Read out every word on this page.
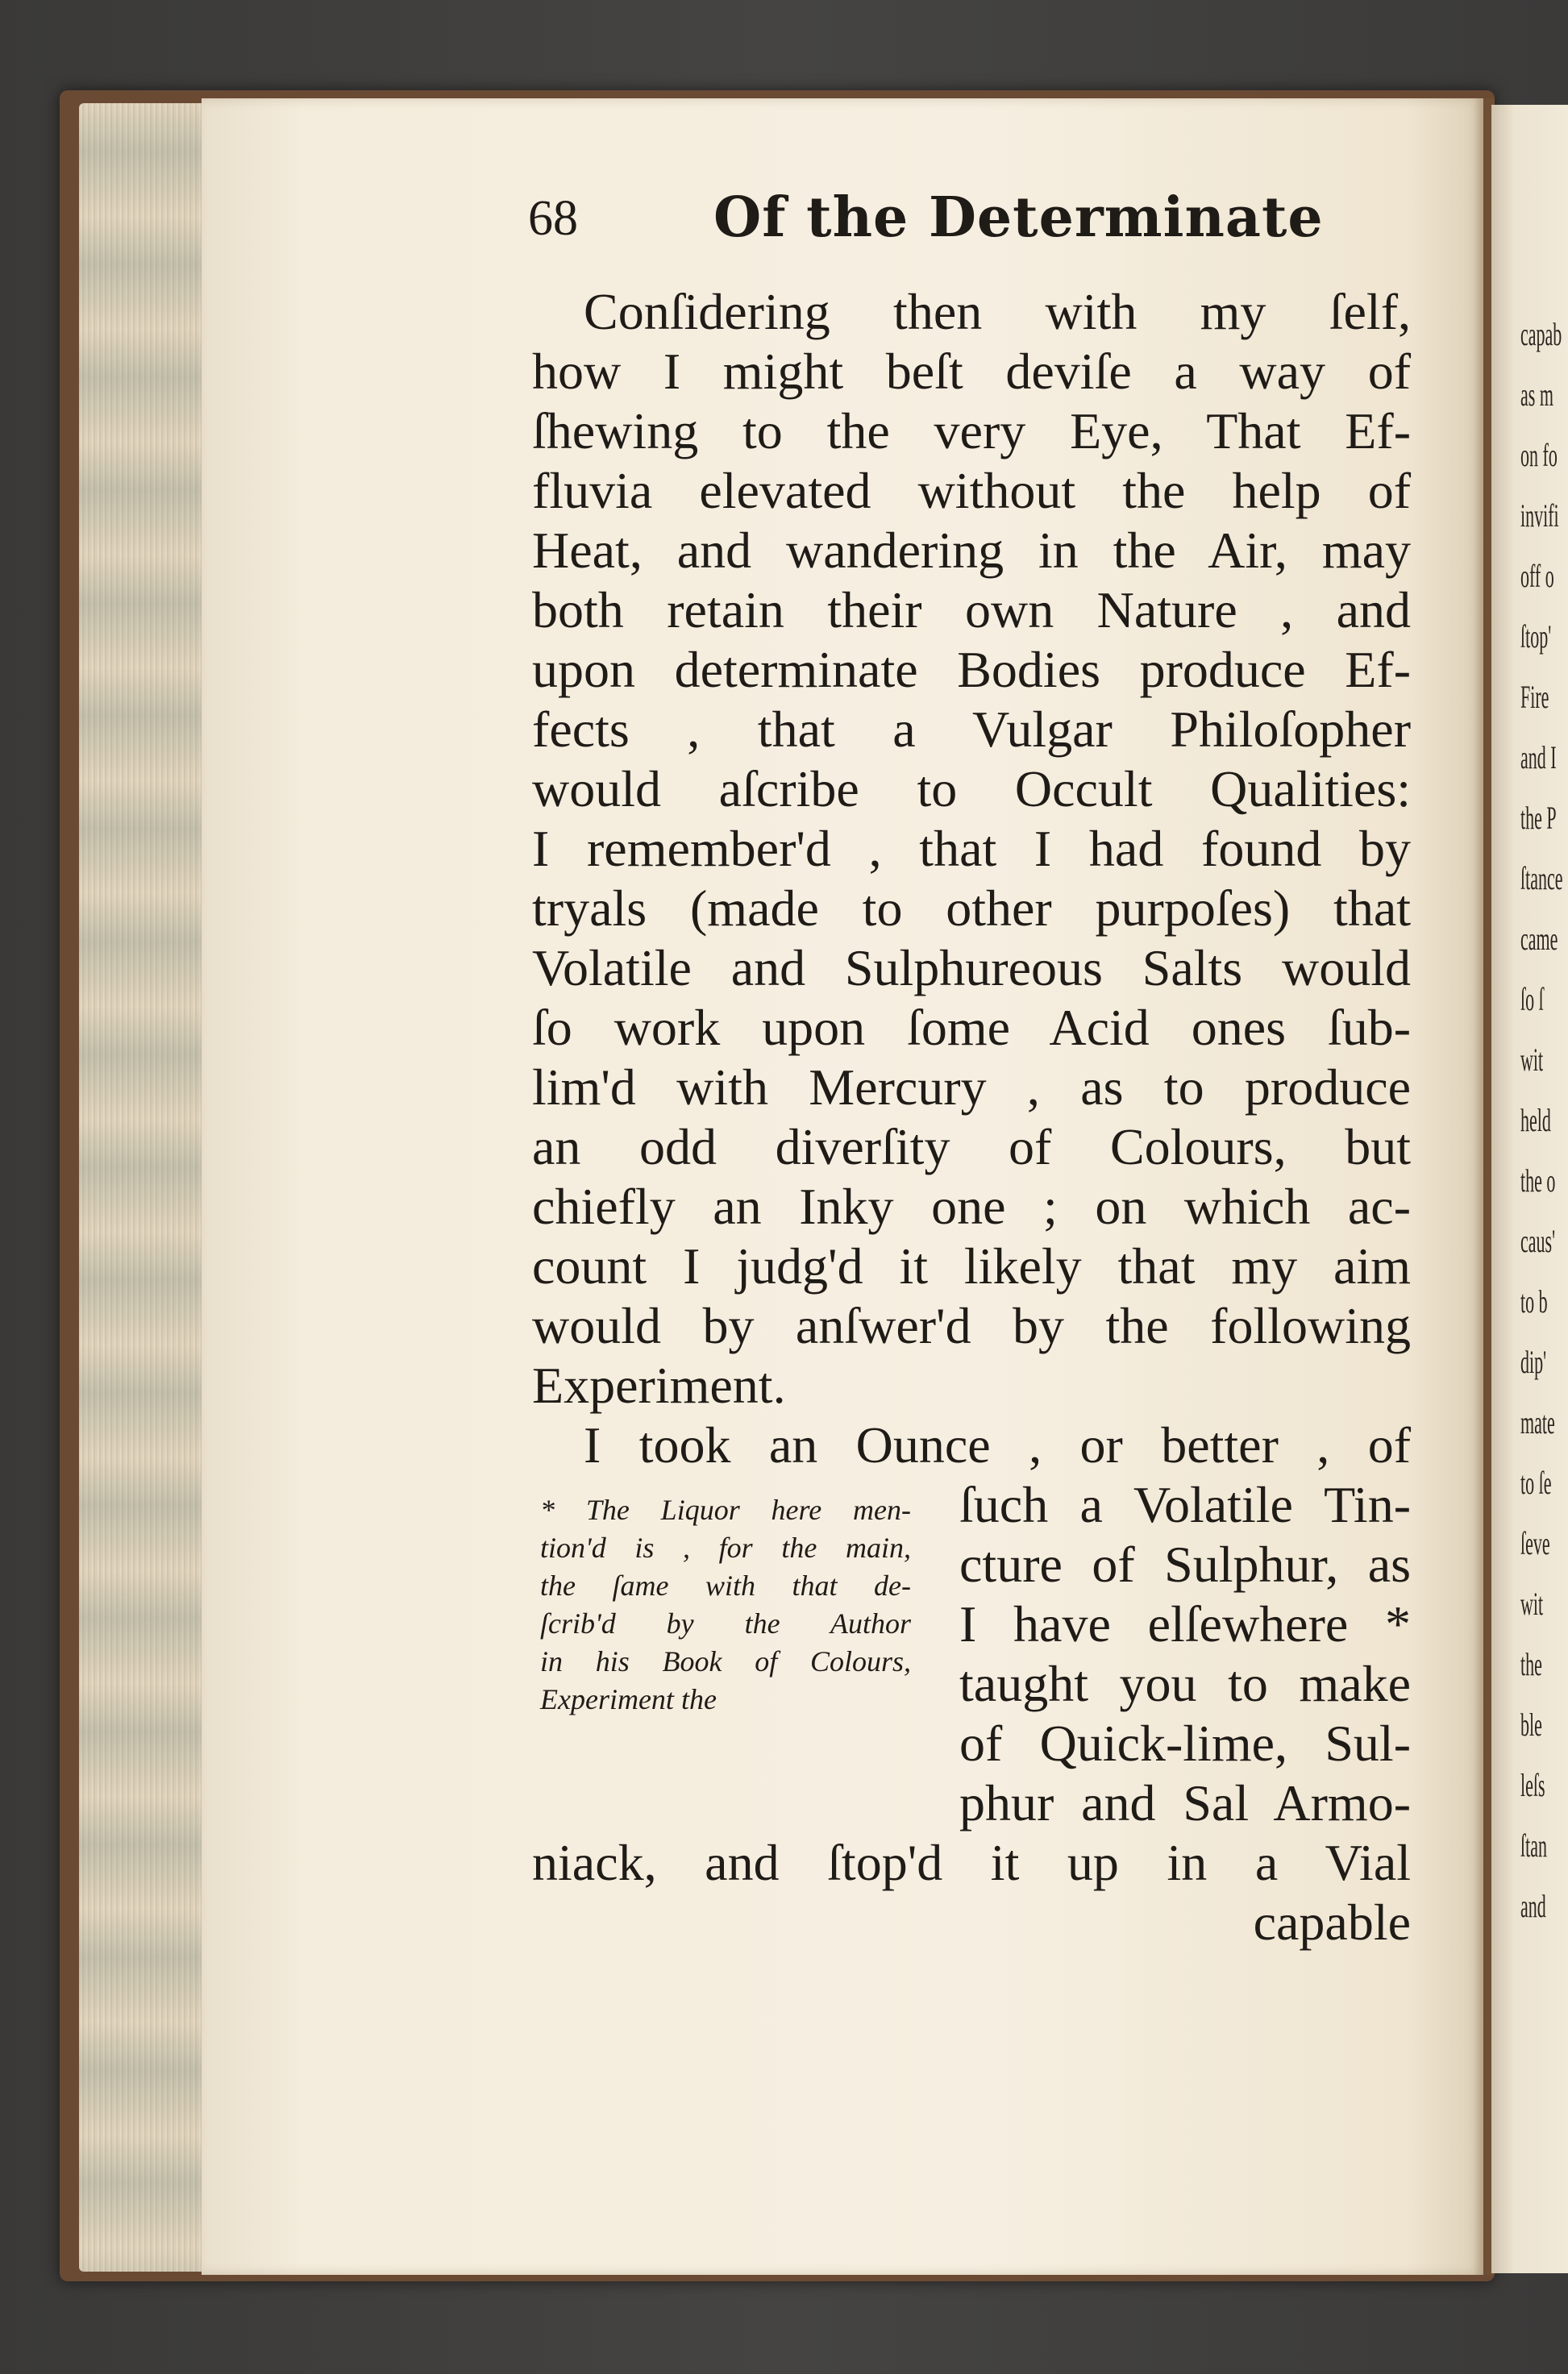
capab
as m
on fo
invifi
off o
ſtop'
Fire
and I
the P
ſtance
came
ſo ſ
wit
held
the o
caus'
to b
dip'
mate
to ſe
ſeve
wit
the
ble
leſs
ſtan
and
68 Of the Determinate
Conſidering then with my ſelf,
how I might beſt deviſe a way of
ſhewing to the very Eye, That Ef-
fluvia elevated without the help of
Heat, and wandering in the Air, may
both retain their own Nature , and
upon determinate Bodies produce Ef-
fects , that a Vulgar Philoſopher
would aſcribe to Occult Qualities:
I remember'd , that I had found by
tryals (made to other purpoſes) that
Volatile and Sulphureous Salts would
ſo work upon ſome Acid ones ſub-
lim'd with Mercury , as to produce
an odd diverſity of Colours, but
chiefly an Inky one ; on which ac-
count I judg'd it likely that my aim
would by anſwer'd by the following
Experiment.
I took an Ounce , or better , of
ſuch a Volatile Tin-
cture of Sulphur, as
I have elſewhere *
taught you to make
of Quick-lime, Sul-
phur and Sal Armo-
niack, and ſtop'd it up in a Vial
capable
* The Liquor here men-
tion'd is , for the main,
the ſame with that de-
ſcrib'd by the Author
in his Book of Colours,
Experiment the
